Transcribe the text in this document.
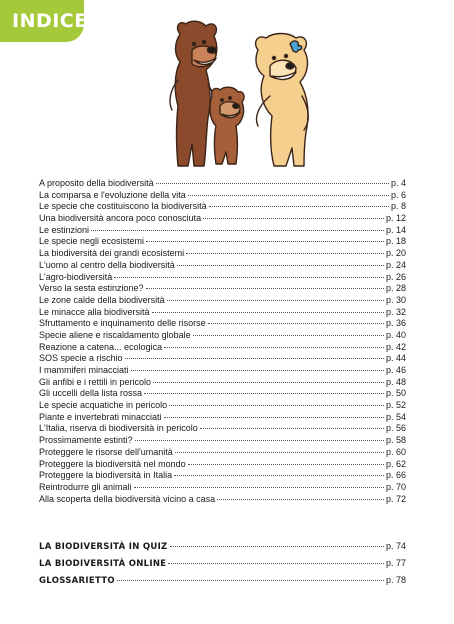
INDICE
A proposito della biodiversità	p. 4
La comparsa e l'evoluzione della vita	p. 6
Le specie che costituiscono la biodiversità	p. 8
Una biodiversità ancora poco conosciuta	p. 12
Le estinzioni	p. 14
Le specie negli ecosistemi	p. 18
La biodiversità dei grandi ecosistemi	p. 20
L'uomo al centro della biodiversità	p. 24
L'agro-biodiversità	p. 26
Verso la sesta estinzione?	p. 28
Le zone calde della biodiversità	p. 30
Le minacce alla biodiversità	p. 32
Sfruttamento e inquinamento delle risorse	p. 36
Specie aliene e riscaldamento globale	p. 40
Reazione a catena... ecologica	p. 42
SOS specie a rischio	p. 44
I mammiferi minacciati	p. 46
Gli anfibi e i rettili in pericolo	p. 48
Gli uccelli della lista rossa	p. 50
Le specie acquatiche in pericolo	p. 52
Piante e invertebrati minacciati	p. 54
L'Italia, riserva di biodiversità in pericolo	p. 56
Prossimamente estinti?	p. 58
Proteggere le risorse dell'umanità	p. 60
Proteggere la biodiversità nel mondo	p. 62
Proteggere la biodiversità in Italia	p. 66
Reintrodurre gli animali	p. 70
Alla scoperta della biodiversità vicino a casa	p. 72
LA BIODIVERSITÀ IN QUIZ	p. 74
LA BIODIVERSITÀ ONLINE	p. 77
GLOSSARIETTO	p. 78
